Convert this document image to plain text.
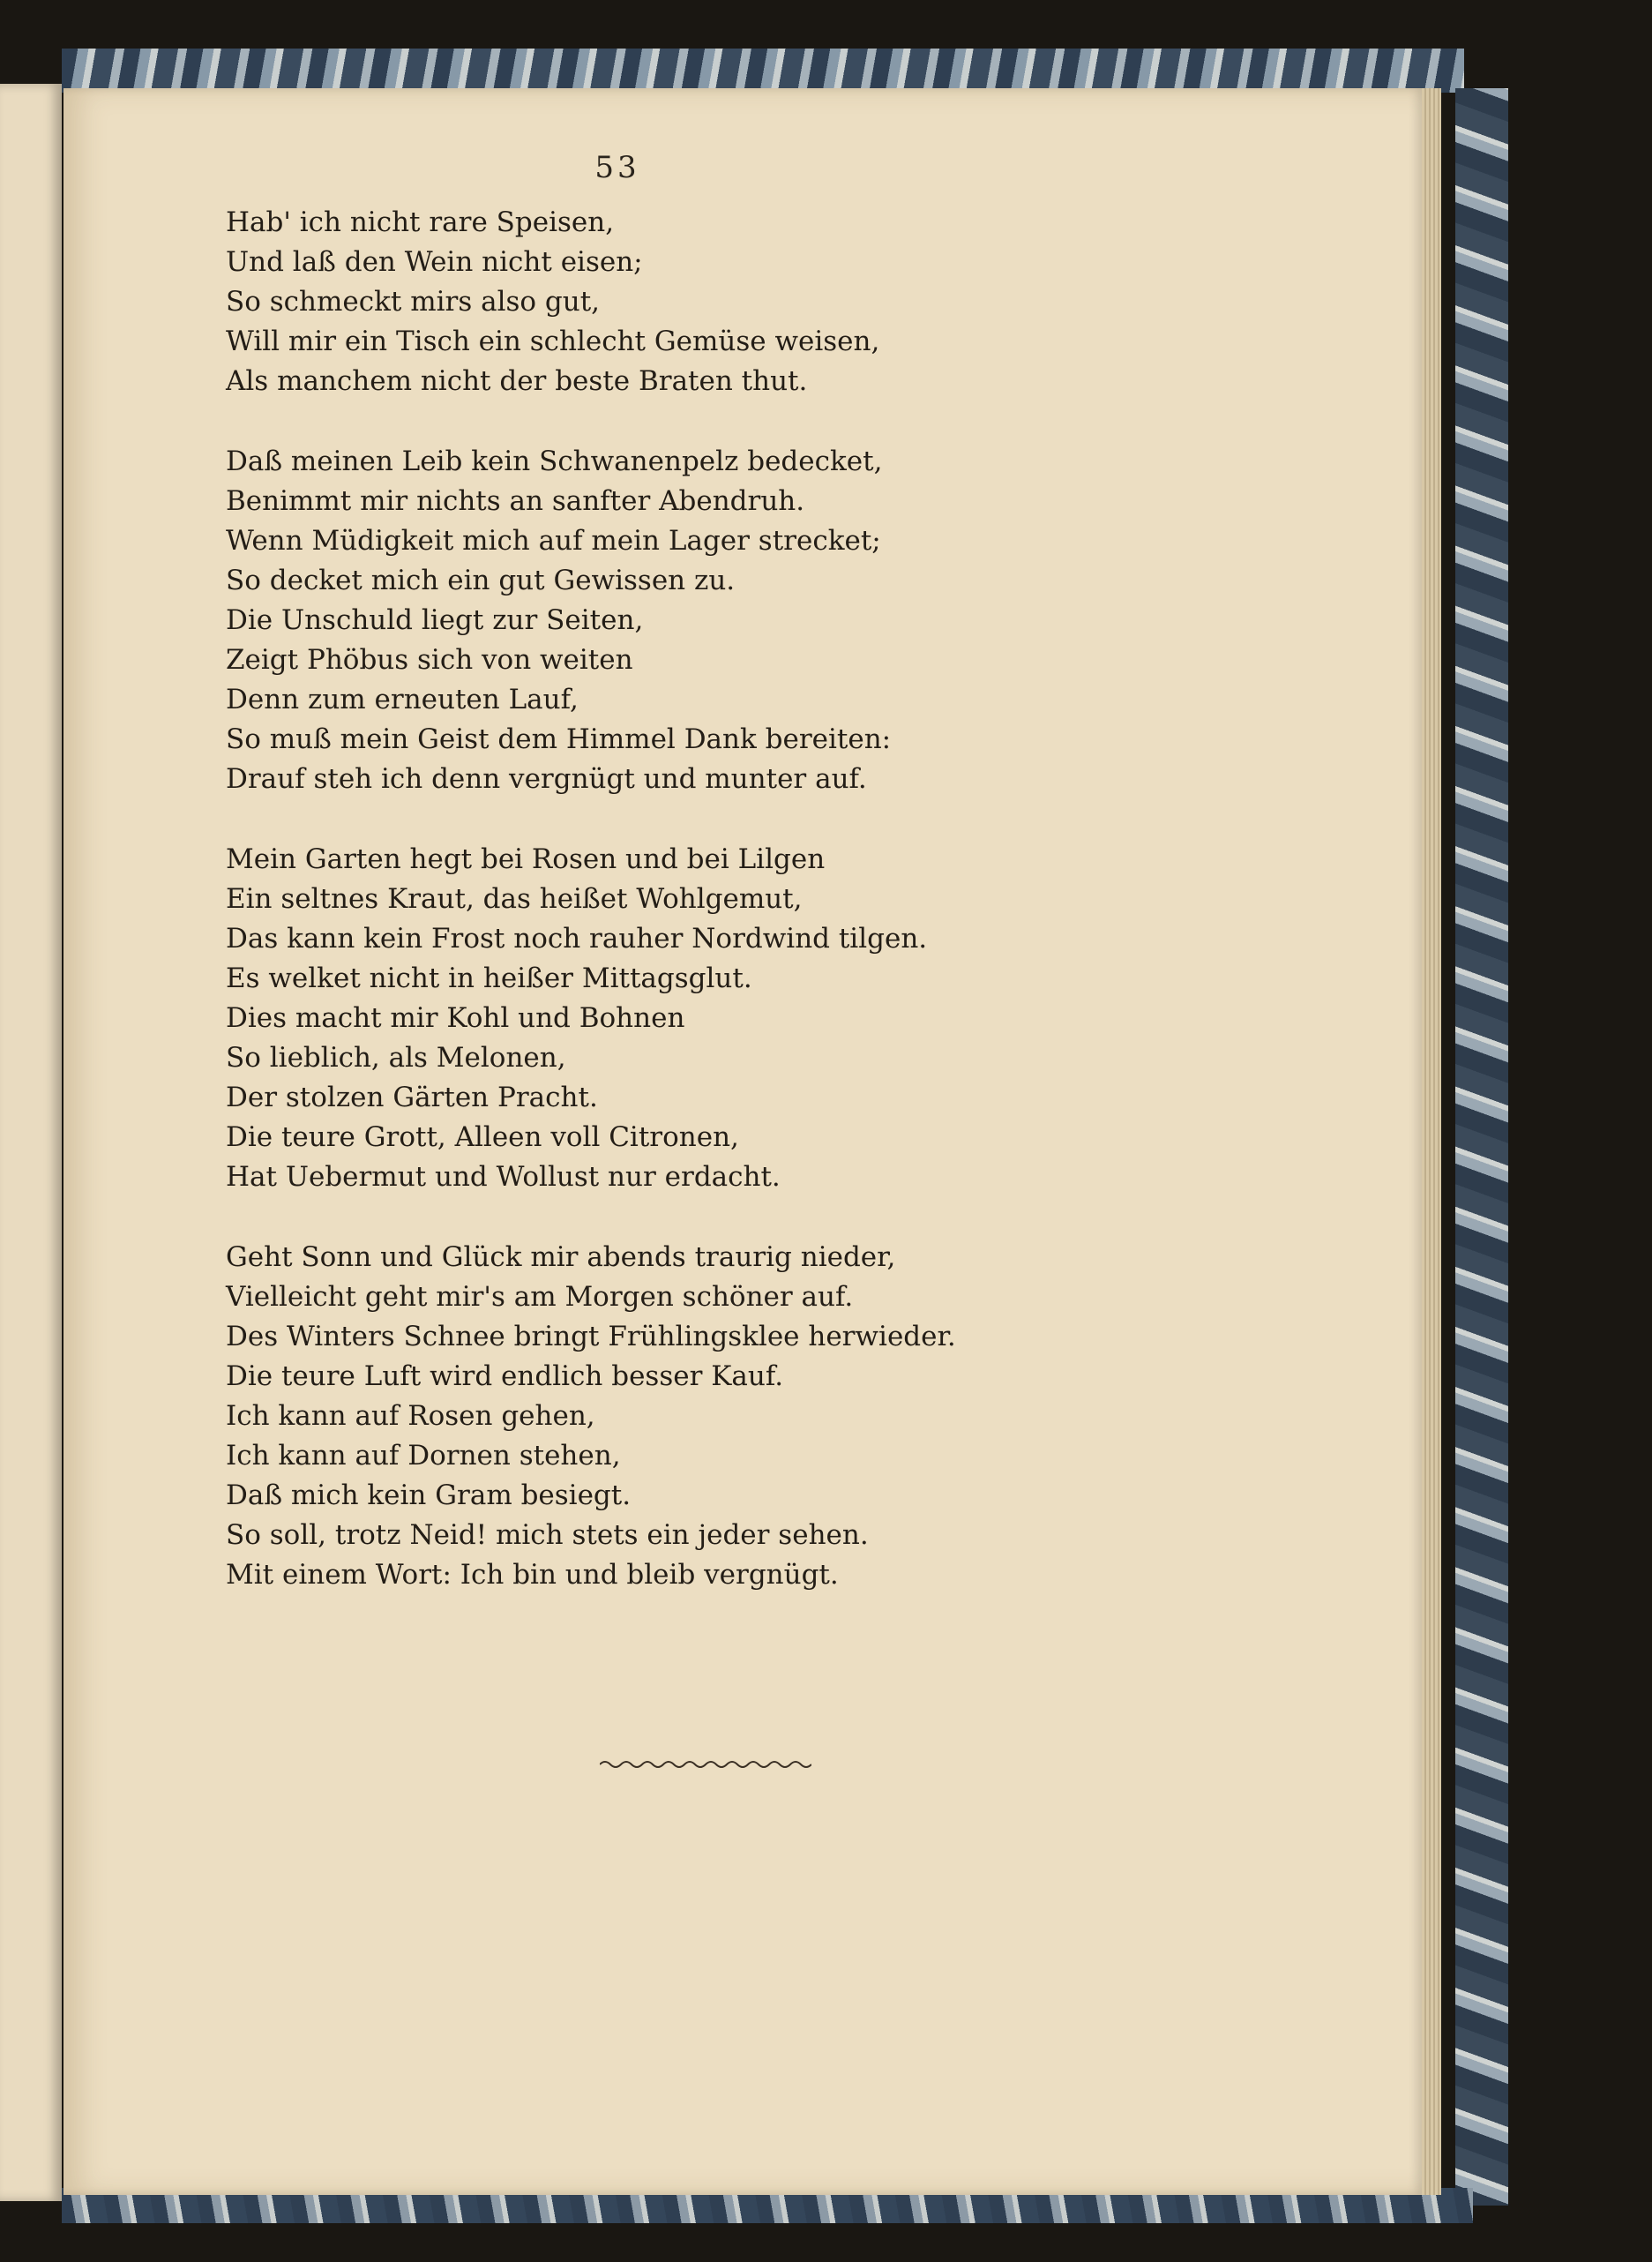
53
Hab' ich nicht rare Speisen,
Und laß den Wein nicht eisen;
So schmeckt mirs also gut,
Will mir ein Tisch ein schlecht Gemüse weisen,
Als manchem nicht der beste Braten thut.
Daß meinen Leib kein Schwanenpelz bedecket,
Benimmt mir nichts an sanfter Abendruh.
Wenn Müdigkeit mich auf mein Lager strecket;
So decket mich ein gut Gewissen zu.
Die Unschuld liegt zur Seiten,
Zeigt Phöbus sich von weiten
Denn zum erneuten Lauf,
So muß mein Geist dem Himmel Dank bereiten:
Drauf steh ich denn vergnügt und munter auf.
Mein Garten hegt bei Rosen und bei Lilgen
Ein seltnes Kraut, das heißet Wohlgemut,
Das kann kein Frost noch rauher Nordwind tilgen.
Es welket nicht in heißer Mittagsglut.
Dies macht mir Kohl und Bohnen
So lieblich, als Melonen,
Der stolzen Gärten Pracht.
Die teure Grott, Alleen voll Citronen,
Hat Uebermut und Wollust nur erdacht.
Geht Sonn und Glück mir abends traurig nieder,
Vielleicht geht mir's am Morgen schöner auf.
Des Winters Schnee bringt Frühlingsklee herwieder.
Die teure Luft wird endlich besser Kauf.
Ich kann auf Rosen gehen,
Ich kann auf Dornen stehen,
Daß mich kein Gram besiegt.
So soll, trotz Neid! mich stets ein jeder sehen.
Mit einem Wort: Ich bin und bleib vergnügt.
